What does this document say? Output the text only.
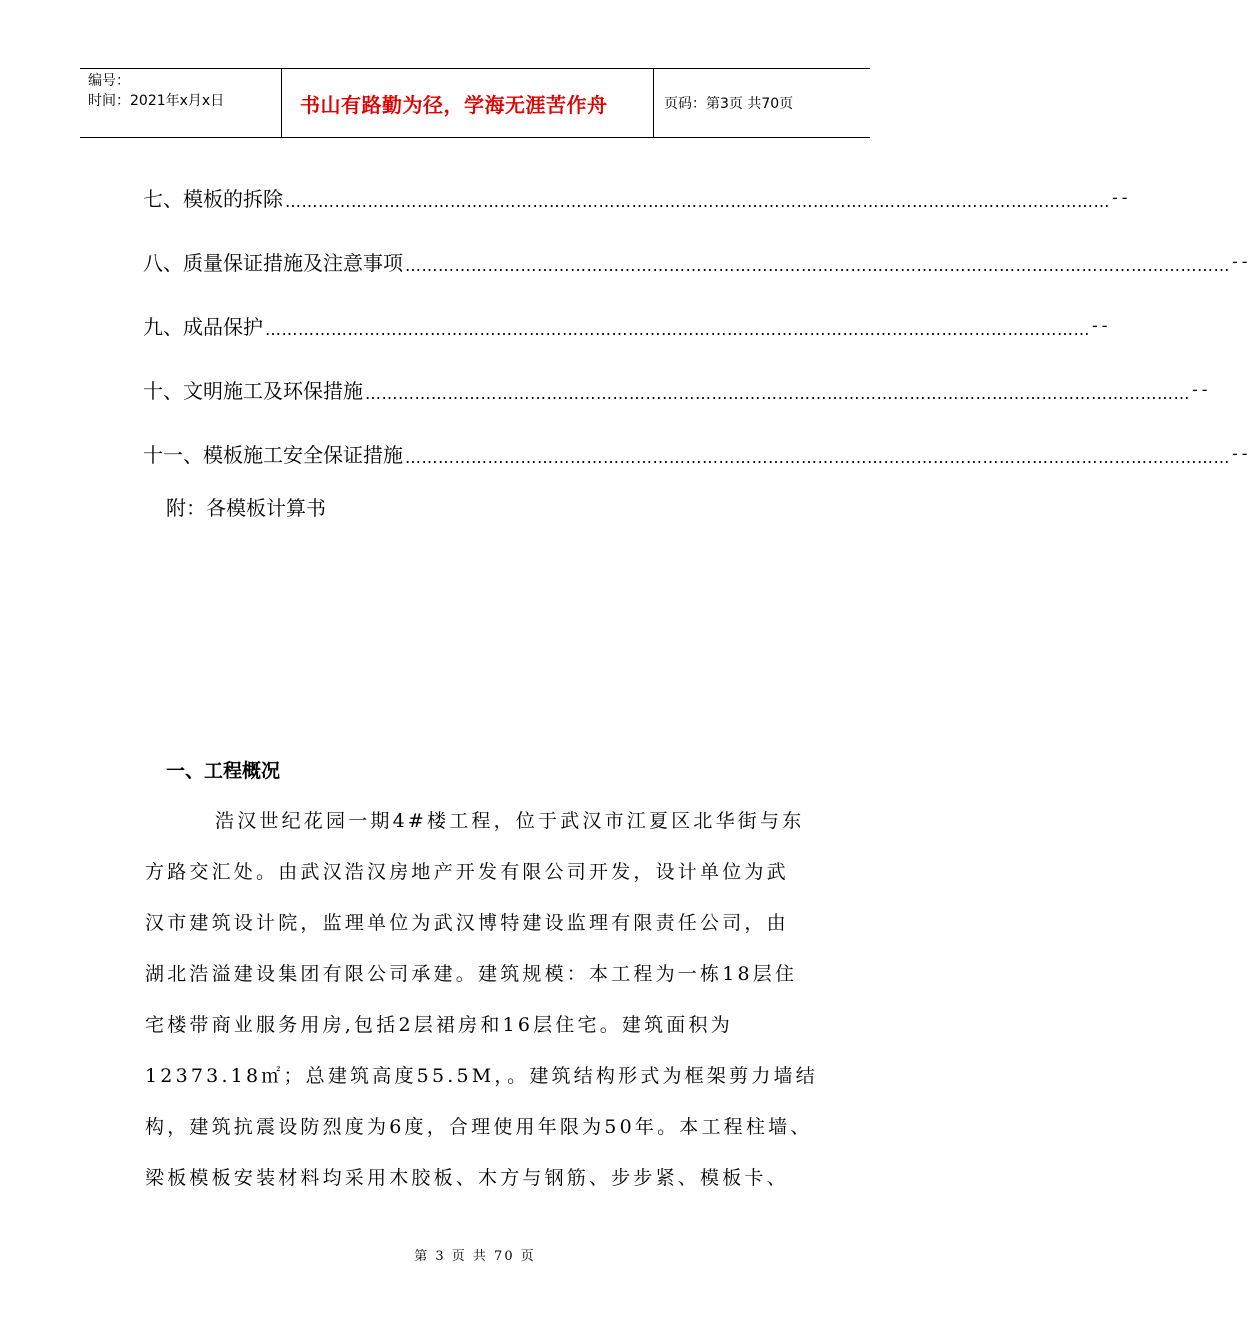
编号：
时间：2021年x月x日	书山有路勤为径，学海无涯苦作舟	页码：第3页 共70页
七、模板的拆除 …………………………………………………………………………………………………………………………………… --
八、质量保证措施及注意事项 …………………………………………………………………………………………………………………………………… --
九、成品保护 …………………………………………………………………………………………………………………………………… --
十、文明施工及环保措施 …………………………………………………………………………………………………………………………………… --
十一、模板施工安全保证措施 …………………………………………………………………………………………………………………………………… --
附：各模板计算书
一、工程概况
浩汉世纪花园一期4#楼工程，位于武汉市江夏区北华街与东
方路交汇处。由武汉浩汉房地产开发有限公司开发，设计单位为武
汉市建筑设计院，监理单位为武汉博特建设监理有限责任公司，由
湖北浩溢建设集团有限公司承建。建筑规模：本工程为一栋18层住
宅楼带商业服务用房,包括2层裙房和16层住宅。建筑面积为
12373.18㎡；总建筑高度55.5M，。建筑结构形式为框架剪力墙结
构，建筑抗震设防烈度为6度，合理使用年限为50年。本工程柱墙、
梁板模板安装材料均采用木胶板、木方与钢筋、步步紧、模板卡、
第 3 页 共 70 页
